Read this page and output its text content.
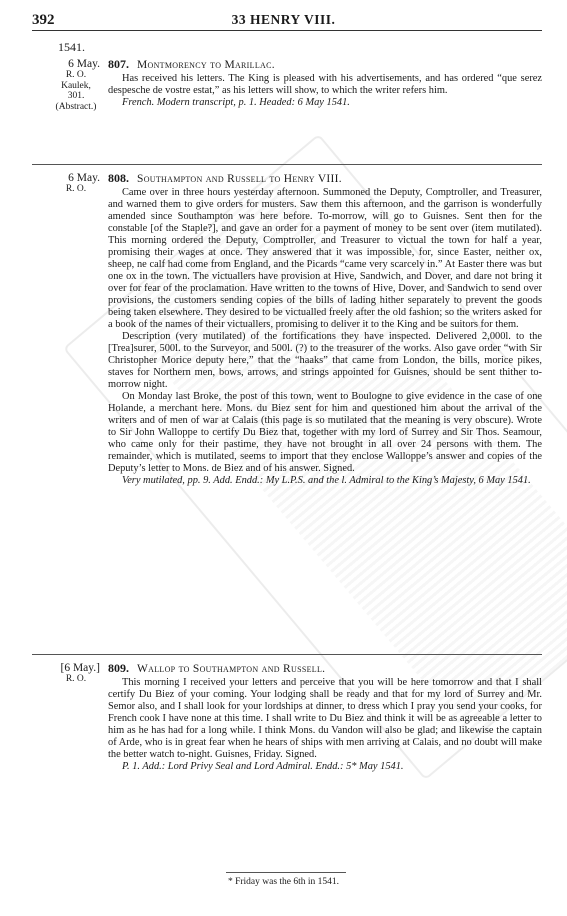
392	33 HENRY VIII.
1541.
6 May.
R. O.
Kaulek, 301.
(Abstract.)
807. Montmorency to Marillac.

Has received his letters. The King is pleased with his advertisements, and has ordered “que serez despesche de vostre estat,” as his letters will show, to which the writer refers him.

French. Modern transcript, p. 1. Headed: 6 May 1541.

6 May.
R. O.
808. Southampton and Russell to Henry VIII.

Came over in three hours yesterday afternoon. Summoned the Deputy, Comptroller, and Treasurer, and warned them to give orders for musters. Saw them this afternoon, and the garrison is wonderfully amended since Southampton was here before. To-morrow, will go to Guisnes. Sent then for the constable [of the Staple?], and gave an order for a payment of money to be sent over (item mutilated). This morning ordered the Deputy, Comptroller, and Treasurer to victual the town for half a year, promising their wages at once. They answered that it was impossible, for, since Easter, neither ox, sheep, ne calf had come from England, and the Picards “came very scarcely in.” At Easter there was but one ox in the town. The victuallers have provision at Hive, Sandwich, and Dover, and dare not bring it over for fear of the proclamation. Have written to the towns of Hive, Dover, and Sandwich to send over provisions, the customers sending copies of the bills of lading hither separately to prevent the goods being taken elsewhere. They desired to be victualled freely after the old fashion; so the writers asked for a book of the names of their victuallers, promising to deliver it to the King and be suitors for them.

Description (very mutilated) of the fortifications they have inspected. Delivered 2,000l. to the [Trea]surer, 500l. to the Surveyor, and 500l. (?) to the treasurer of the works. Also gave order “with Sir Christopher Morice deputy here,” that the “haaks” that came from London, the bills, morice pikes, staves for Northern men, bows, arrows, and strings appointed for Guisnes, should be sent thither to-morrow night.

On Monday last Broke, the post of this town, went to Boulogne to give evidence in the case of one Holande, a merchant here. Mons. du Biez sent for him and questioned him about the arrival of the writers and of men of war at Calais (this page is so mutilated that the meaning is very obscure). Wrote to Sir John Walloppe to certify Du Biez that, together with my lord of Surrey and Sir Thos. Seamour, who came only for their pastime, they have not brought in all over 24 persons with them. The remainder, which is mutilated, seems to import that they enclose Walloppe’s answer and copies of the Deputy’s letter to Mons. de Biez and of his answer. Signed.

Very mutilated, pp. 9. Add. Endd.: My L.P.S. and the l. Admiral to the King’s Majesty, 6 May 1541.

[6 May.]
R. O.
809. Wallop to Southampton and Russell.

This morning I received your letters and perceive that you will be here tomorrow and that I shall certify Du Biez of your coming. Your lodging shall be ready and that for my lord of Surrey and Mr. Semor also, and I shall look for your lordships at dinner, to dress which I pray you send your cooks, for French cook I have none at this time. I shall write to Du Biez and think it will be as agreeable a letter to him as he has had for a long while. I think Mons. du Vandon will also be glad; and likewise the captain of Arde, who is in great fear when he hears of ships with men arriving at Calais, and no doubt will make the better watch to-night. Guisnes, Friday. Signed.

P. 1. Add.: Lord Privy Seal and Lord Admiral. Endd.: 5* May 1541.

* Friday was the 6th in 1541.
